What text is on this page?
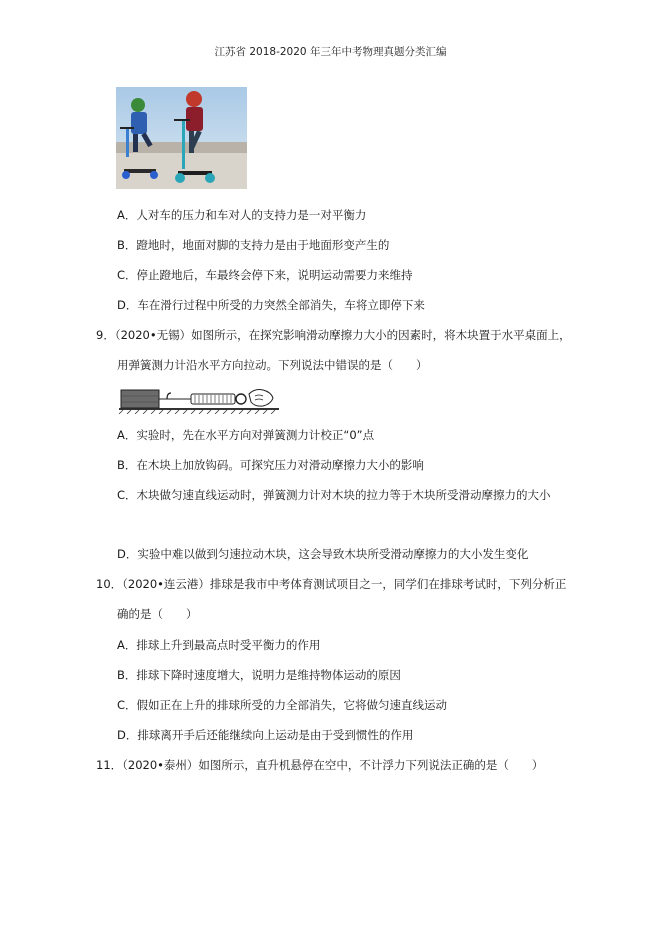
江苏省 2018-2020 年三年中考物理真题分类汇编
A．人对车的压力和车对人的支持力是一对平衡力
B．蹬地时，地面对脚的支持力是由于地面形变产生的
C．停止蹬地后，车最终会停下来，说明运动需要力来维持
D．车在滑行过程中所受的力突然全部消失，车将立即停下来
9．（2020•无锡）如图所示，在探究影响滑动摩擦力大小的因素时，将木块置于水平桌面上，
用弹簧测力计沿水平方向拉动。下列说法中错误的是（　　）
A．实验时，先在水平方向对弹簧测力计校正“0”点
B．在木块上加放钩码。可探究压力对滑动摩擦力大小的影响
C．木块做匀速直线运动时，弹簧测力计对木块的拉力等于木块所受滑动摩擦力的大小
D．实验中难以做到匀速拉动木块，这会导致木块所受滑动摩擦力的大小发生变化
10．（2020•连云港）排球是我市中考体育测试项目之一，同学们在排球考试时，下列分析正
确的是（　　）
A．排球上升到最高点时受平衡力的作用
B．排球下降时速度增大，说明力是维持物体运动的原因
C．假如正在上升的排球所受的力全部消失，它将做匀速直线运动
D．排球离开手后还能继续向上运动是由于受到惯性的作用
11．（2020•泰州）如图所示，直升机悬停在空中，不计浮力下列说法正确的是（　　）
